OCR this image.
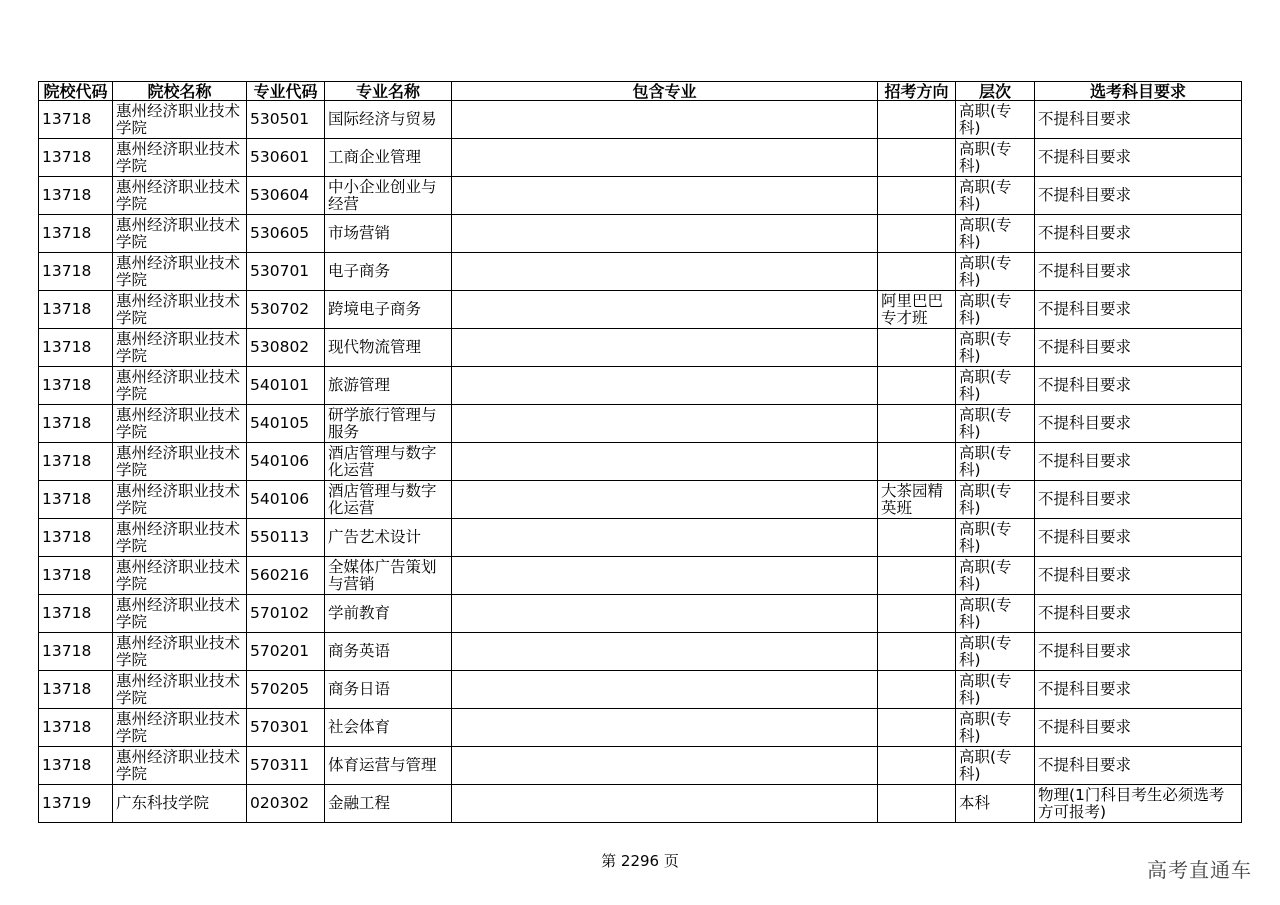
院校代码	院校名称	专业代码	专业名称	包含专业	招考方向	层次	选考科目要求
13718	惠州经济职业技术学院	530501	国际经济与贸易			高职(专科)	不提科目要求
13718	惠州经济职业技术学院	530601	工商企业管理			高职(专科)	不提科目要求
13718	惠州经济职业技术学院	530604	中小企业创业与经营			高职(专科)	不提科目要求
13718	惠州经济职业技术学院	530605	市场营销			高职(专科)	不提科目要求
13718	惠州经济职业技术学院	530701	电子商务			高职(专科)	不提科目要求
13718	惠州经济职业技术学院	530702	跨境电子商务		阿里巴巴专才班	高职(专科)	不提科目要求
13718	惠州经济职业技术学院	530802	现代物流管理			高职(专科)	不提科目要求
13718	惠州经济职业技术学院	540101	旅游管理			高职(专科)	不提科目要求
13718	惠州经济职业技术学院	540105	研学旅行管理与服务			高职(专科)	不提科目要求
13718	惠州经济职业技术学院	540106	酒店管理与数字化运营			高职(专科)	不提科目要求
13718	惠州经济职业技术学院	540106	酒店管理与数字化运营		大茶园精英班	高职(专科)	不提科目要求
13718	惠州经济职业技术学院	550113	广告艺术设计			高职(专科)	不提科目要求
13718	惠州经济职业技术学院	560216	全媒体广告策划与营销			高职(专科)	不提科目要求
13718	惠州经济职业技术学院	570102	学前教育			高职(专科)	不提科目要求
13718	惠州经济职业技术学院	570201	商务英语			高职(专科)	不提科目要求
13718	惠州经济职业技术学院	570205	商务日语			高职(专科)	不提科目要求
13718	惠州经济职业技术学院	570301	社会体育			高职(专科)	不提科目要求
13718	惠州经济职业技术学院	570311	体育运营与管理			高职(专科)	不提科目要求
13719	广东科技学院	020302	金融工程			本科	物理(1门科目考生必须选考方可报考)
第 2296 页	高考直通车
